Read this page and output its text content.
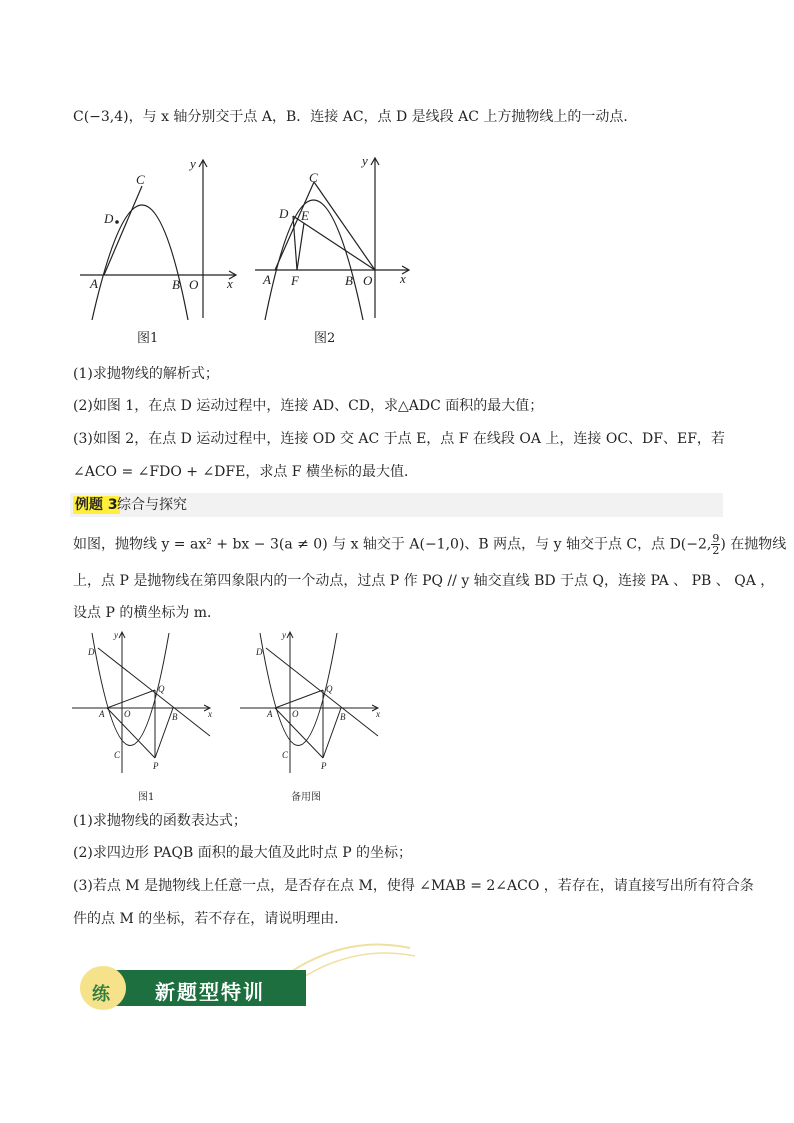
C(−3,4)，与 x 轴分别交于点 A，B．连接 AC，点 D 是线段 AC 上方抛物线上的一动点．
C
D
A	B O x
y
图1
C
D E
A F	B O x
y
图2
(1)求抛物线的解析式；
(2)如图 1，在点 D 运动过程中，连接 AD、CD，求△ADC 面积的最大值；
(3)如图 2，在点 D 运动过程中，连接 OD 交 AC 于点 E，点 F 在线段 OA 上，连接 OC、DF、EF，若
∠ACO = ∠FDO + ∠DFE，求点 F 横坐标的最大值．
例题 3 综合与探究
如图，抛物线 y = ax² + bx − 3(a ≠ 0) 与 x 轴交于 A(−1,0)、B 两点，与 y 轴交于点 C，点 D(−2, $\frac{9}{2}$ ) 在抛物线
上，点 P 是抛物线在第四象限内的一个动点，过点 P 作 PQ // y 轴交直线 BD 于点 Q，连接 PA 、 PB 、 QA ，
设点 P 的横坐标为 m．
D
Q
A O	B
C
P
x
y
图1
D
Q
A O	B
C
P
x
y
备用图
(1)求抛物线的函数表达式；
(2)求四边形 PAQB 面积的最大值及此时点 P 的坐标；
(3)若点 M 是抛物线上任意一点，是否存在点 M，使得 ∠MAB = 2∠ACO ，若存在，请直接写出所有符合条
件的点 M 的坐标，若不存在，请说明理由．
练 新题型特训
